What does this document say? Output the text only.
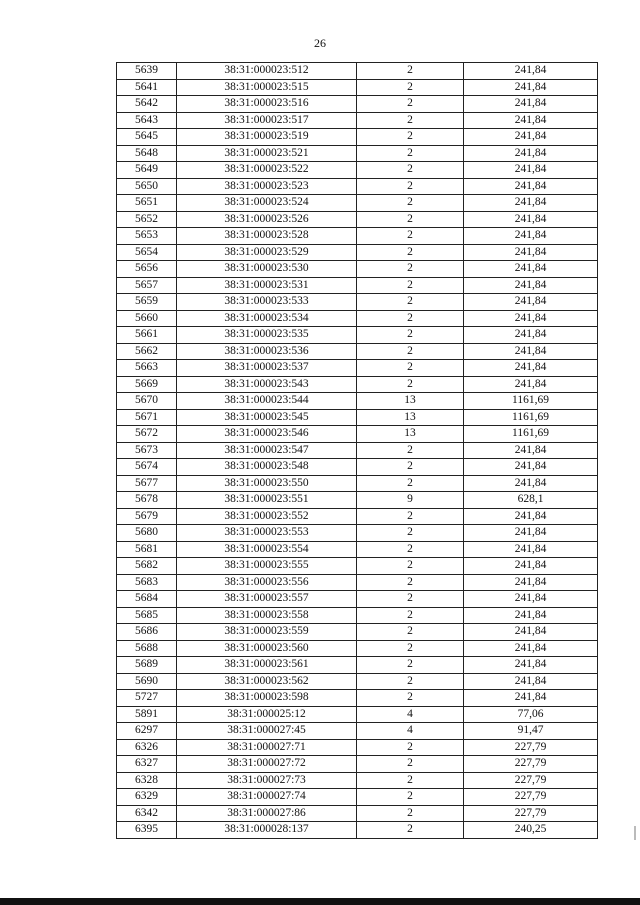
26
5639	38:31:000023:512	2	241,84
5641	38:31:000023:515	2	241,84
5642	38:31:000023:516	2	241,84
5643	38:31:000023:517	2	241,84
5645	38:31:000023:519	2	241,84
5648	38:31:000023:521	2	241,84
5649	38:31:000023:522	2	241,84
5650	38:31:000023:523	2	241,84
5651	38:31:000023:524	2	241,84
5652	38:31:000023:526	2	241,84
5653	38:31:000023:528	2	241,84
5654	38:31:000023:529	2	241,84
5656	38:31:000023:530	2	241,84
5657	38:31:000023:531	2	241,84
5659	38:31:000023:533	2	241,84
5660	38:31:000023:534	2	241,84
5661	38:31:000023:535	2	241,84
5662	38:31:000023:536	2	241,84
5663	38:31:000023:537	2	241,84
5669	38:31:000023:543	2	241,84
5670	38:31:000023:544	13	1161,69
5671	38:31:000023:545	13	1161,69
5672	38:31:000023:546	13	1161,69
5673	38:31:000023:547	2	241,84
5674	38:31:000023:548	2	241,84
5677	38:31:000023:550	2	241,84
5678	38:31:000023:551	9	628,1
5679	38:31:000023:552	2	241,84
5680	38:31:000023:553	2	241,84
5681	38:31:000023:554	2	241,84
5682	38:31:000023:555	2	241,84
5683	38:31:000023:556	2	241,84
5684	38:31:000023:557	2	241,84
5685	38:31:000023:558	2	241,84
5686	38:31:000023:559	2	241,84
5688	38:31:000023:560	2	241,84
5689	38:31:000023:561	2	241,84
5690	38:31:000023:562	2	241,84
5727	38:31:000023:598	2	241,84
5891	38:31:000025:12	4	77,06
6297	38:31:000027:45	4	91,47
6326	38:31:000027:71	2	227,79
6327	38:31:000027:72	2	227,79
6328	38:31:000027:73	2	227,79
6329	38:31:000027:74	2	227,79
6342	38:31:000027:86	2	227,79
6395	38:31:000028:137	2	240,25
